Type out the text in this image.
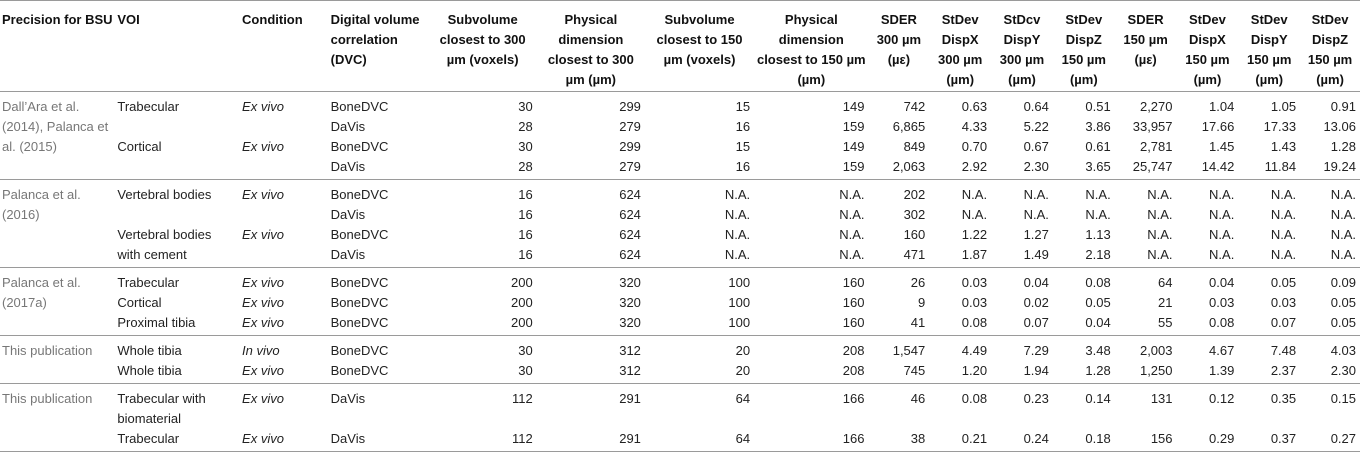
Precision for BSU	VOI	Condition	Digital volume correlation (DVC)	Subvolume closest to 300 µm (voxels)	Physical dimension closest to 300 µm (µm)	Subvolume closest to 150 µm (voxels)	Physical dimension closest to 150 µm (µm)	SDER 300 µm (µε)	StDev DispX 300 µm (µm)	StDcv DispY 300 µm (µm)	StDev DispZ 150 µm (µm)	SDER 150 µm (µε)	StDev DispX 150 µm (µm)	StDev DispY 150 µm (µm)	StDev DispZ 150 µm (µm)
Dall’Ara et al. (2014), Palanca et al. (2015)	Trabecular	Ex vivo	BoneDVC	30	299	15	149	742	0.63	0.64	0.51	2,270	1.04	1.05	0.91
			DaVis	28	279	16	159	6,865	4.33	5.22	3.86	33,957	17.66	17.33	13.06
	Cortical	Ex vivo	BoneDVC	30	299	15	149	849	0.70	0.67	0.61	2,781	1.45	1.43	1.28
			DaVis	28	279	16	159	2,063	2.92	2.30	3.65	25,747	14.42	11.84	19.24
Palanca et al. (2016)	Vertebral bodies	Ex vivo	BoneDVC	16	624	N.A.	N.A.	202	N.A.	N.A.	N.A.	N.A.	N.A.	N.A.	N.A.
			DaVis	16	624	N.A.	N.A.	302	N.A.	N.A.	N.A.	N.A.	N.A.	N.A.	N.A.
	Vertebral bodies	Ex vivo	BoneDVC	16	624	N.A.	N.A.	160	1.22	1.27	1.13	N.A.	N.A.	N.A.	N.A.
	with cement		DaVis	16	624	N.A.	N.A.	471	1.87	1.49	2.18	N.A.	N.A.	N.A.	N.A.
Palanca et al. (2017a)	Trabecular	Ex vivo	BoneDVC	200	320	100	160	26	0.03	0.04	0.08	64	0.04	0.05	0.09
	Cortical	Ex vivo	BoneDVC	200	320	100	160	9	0.03	0.02	0.05	21	0.03	0.03	0.05
	Proximal tibia	Ex vivo	BoneDVC	200	320	100	160	41	0.08	0.07	0.04	55	0.08	0.07	0.05
This publication	Whole tibia	In vivo	BoneDVC	30	312	20	208	1,547	4.49	7.29	3.48	2,003	4.67	7.48	4.03
	Whole tibia	Ex vivo	BoneDVC	30	312	20	208	745	1.20	1.94	1.28	1,250	1.39	2.37	2.30
This publication	Trabecular with biomaterial	Ex vivo	DaVis	112	291	64	166	46	0.08	0.23	0.14	131	0.12	0.35	0.15
	Trabecular	Ex vivo	DaVis	112	291	64	166	38	0.21	0.24	0.18	156	0.29	0.37	0.27
